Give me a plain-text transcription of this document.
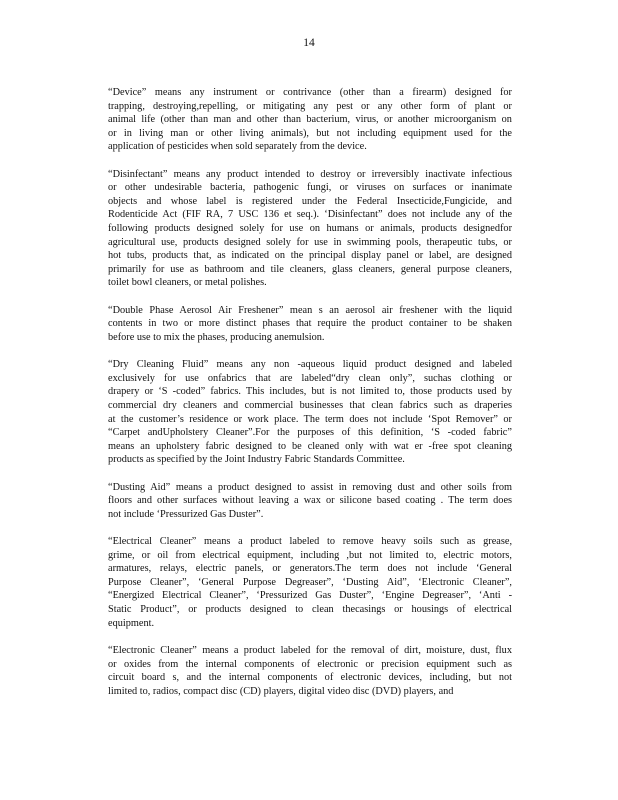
14
“Device” means any instrument or contrivance (other than a firearm) designed for
trapping, destroying,repelling, or mitigating any pest or any other form of plant or
animal life (other than man and other than bacterium, virus, or another microorganism on
or in living man or other living animals), but not including equipment used for the
application of pesticides when sold separately from the device.
“Disinfectant” means any product intended to destroy or irreversibly inactivate infectious
or other undesirable bacteria, pathogenic fungi, or viruses on surfaces or inanimate
objects and whose label is registered under the Federal Insecticide,Fungicide, and
Rodenticide Act (FIF RA, 7 USC 136 et seq.). ‘Disinfectant” does not include any of the
following products designed solely for use on humans or animals, products designedfor
agricultural use, products designed solely for use in swimming pools, therapeutic tubs, or
hot tubs, products that, as indicated on the principal display panel or label, are designed
primarily for use as bathroom and tile cleaners, glass cleaners, general purpose cleaners,
toilet bowl cleaners, or metal polishes.
“Double Phase Aerosol Air Freshener” mean s an aerosol air freshener with the liquid
contents in two or more distinct phases that require the product container to be shaken
before use to mix the phases, producing anemulsion.
“Dry Cleaning Fluid” means any non -aqueous liquid product designed and labeled
exclusively for use onfabrics that are labeled“dry clean only”, suchas clothing or
drapery or ‘S -coded” fabrics. This includes, but is not limited to, those products used by
commercial dry cleaners and commercial businesses that clean fabrics such as draperies
at the customer’s residence or work place. The term does not include ‘Spot Remover” or
“Carpet andUpholstery Cleaner”.For the purposes of this definition, ‘S -coded fabric”
means an upholstery fabric designed to be cleaned only with wat er -free spot cleaning
products as specified by the Joint Industry Fabric Standards Committee.
“Dusting Aid” means a product designed to assist in removing dust and other soils from
floors and other surfaces without leaving a wax or silicone based coating . The term does
not include ‘Pressurized Gas Duster”.
“Electrical Cleaner” means a product labeled to remove heavy soils such as grease,
grime, or oil from electrical equipment, including ,but not limited to, electric motors,
armatures, relays, electric panels, or generators.The term does not include ‘General
Purpose Cleaner”, ‘General Purpose Degreaser”, ‘Dusting Aid”, ‘Electronic Cleaner”,
“Energized Electrical Cleaner”, ‘Pressurized Gas Duster”, ‘Engine Degreaser”, ‘Anti -
Static Product”, or products designed to clean thecasings or housings of electrical
equipment.
“Electronic Cleaner” means a product labeled for the removal of dirt, moisture, dust, flux
or oxides from the internal components of electronic or precision equipment such as
circuit board s, and the internal components of electronic devices, including, but not
limited to, radios, compact disc (CD) players, digital video disc (DVD) players, and
